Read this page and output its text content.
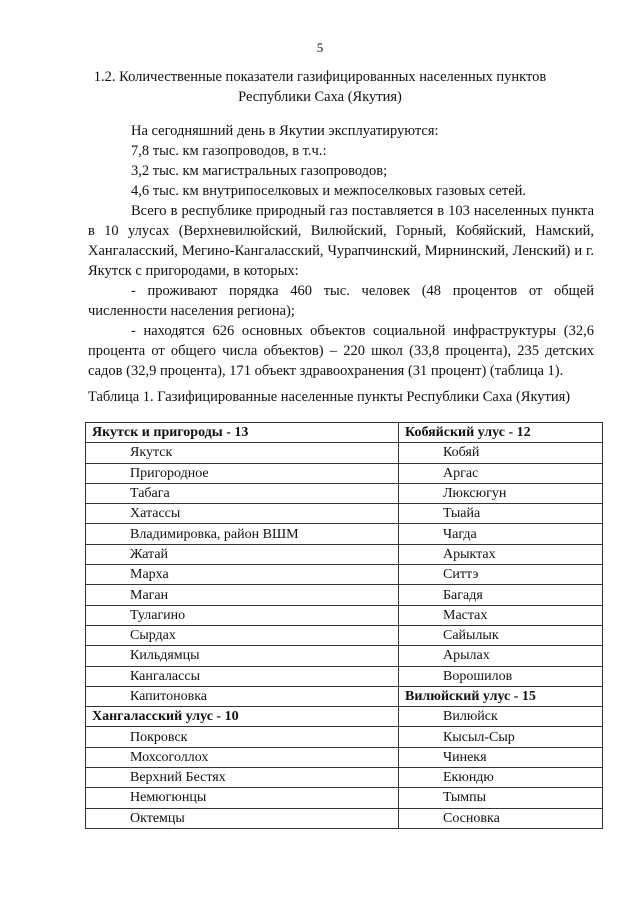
5
1.2. Количественные показатели газифицированных населенных пунктов
Республики Саха (Якутия)

На сегодняшний день в Якутии эксплуатируются:

7,8 тыс. км газопроводов, в т.ч.:

3,2 тыс. км магистральных газопроводов;

4,6 тыс. км внутрипоселковых и межпоселковых газовых сетей.

Всего в республике природный газ поставляется в 103 населенных пункта в 10 улусах (Верхневилюйский, Вилюйский, Горный, Кобяйский, Намский, Хангаласский, Мегино-Кангаласский, Чурапчинский, Мирнинский, Ленский) и г. Якутск с пригородами, в которых:

- проживают порядка 460 тыс. человек (48 процентов от общей численности населения региона);

- находятся 626 основных объектов социальной инфраструктуры (32,6 процента от общего числа объектов) – 220 школ (33,8 процента), 235 детских садов (32,9 процента), 171 объект здравоохранения (31 процент) (таблица 1).

Таблица 1. Газифицированные населенные пункты Республики Саха (Якутия)
Якутск и пригороды - 13	Кобяйский улус - 12
Якутск	Кобяй
Пригородное	Аргас
Табага	Люксюгун
Хатассы	Тыайа
Владимировка, район ВШМ	Чагда
Жатай	Арыктах
Марха	Ситтэ
Маган	Багадя
Тулагино	Мастах
Сырдах	Сайылык
Кильдямцы	Арылах
Кангалассы	Ворошилов
Капитоновка	Вилюйский улус - 15
Хангаласский улус - 10	Вилюйск
Покровск	Кысыл-Сыр
Мохсоголлох	Чинекя
Верхний Бестях	Екюндю
Немюгюнцы	Тымпы
Октемцы	Сосновка
